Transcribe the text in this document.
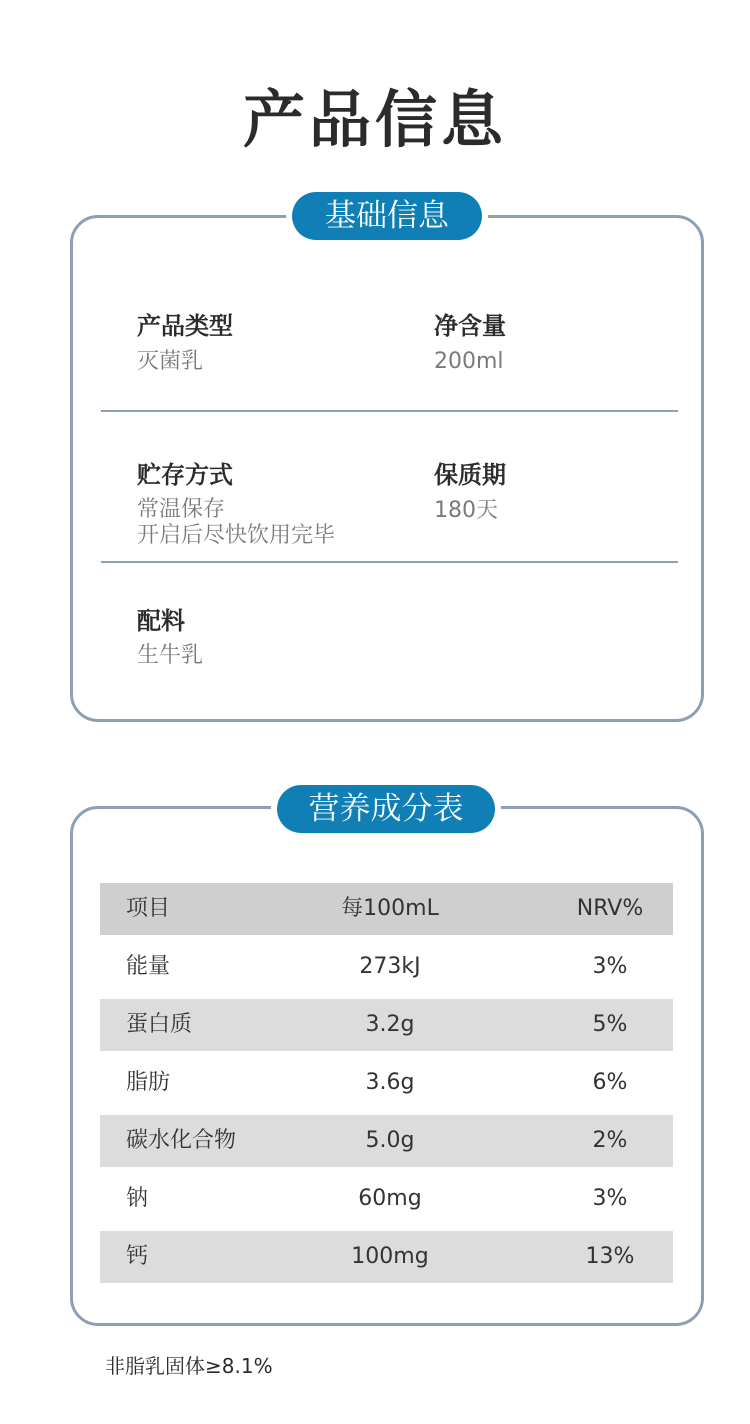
产品信息
基础信息
产品类型
灭菌乳
净含量
200ml
贮存方式
常温保存
开启后尽快饮用完毕
保质期
180天
配料
生牛乳
营养成分表
项目	每100mL	NRV%
能量	273kJ	3%
蛋白质	3.2g	5%
脂肪	3.6g	6%
碳水化合物	5.0g	2%
钠	60mg	3%
钙	100mg	13%
非脂乳固体≥8.1%
